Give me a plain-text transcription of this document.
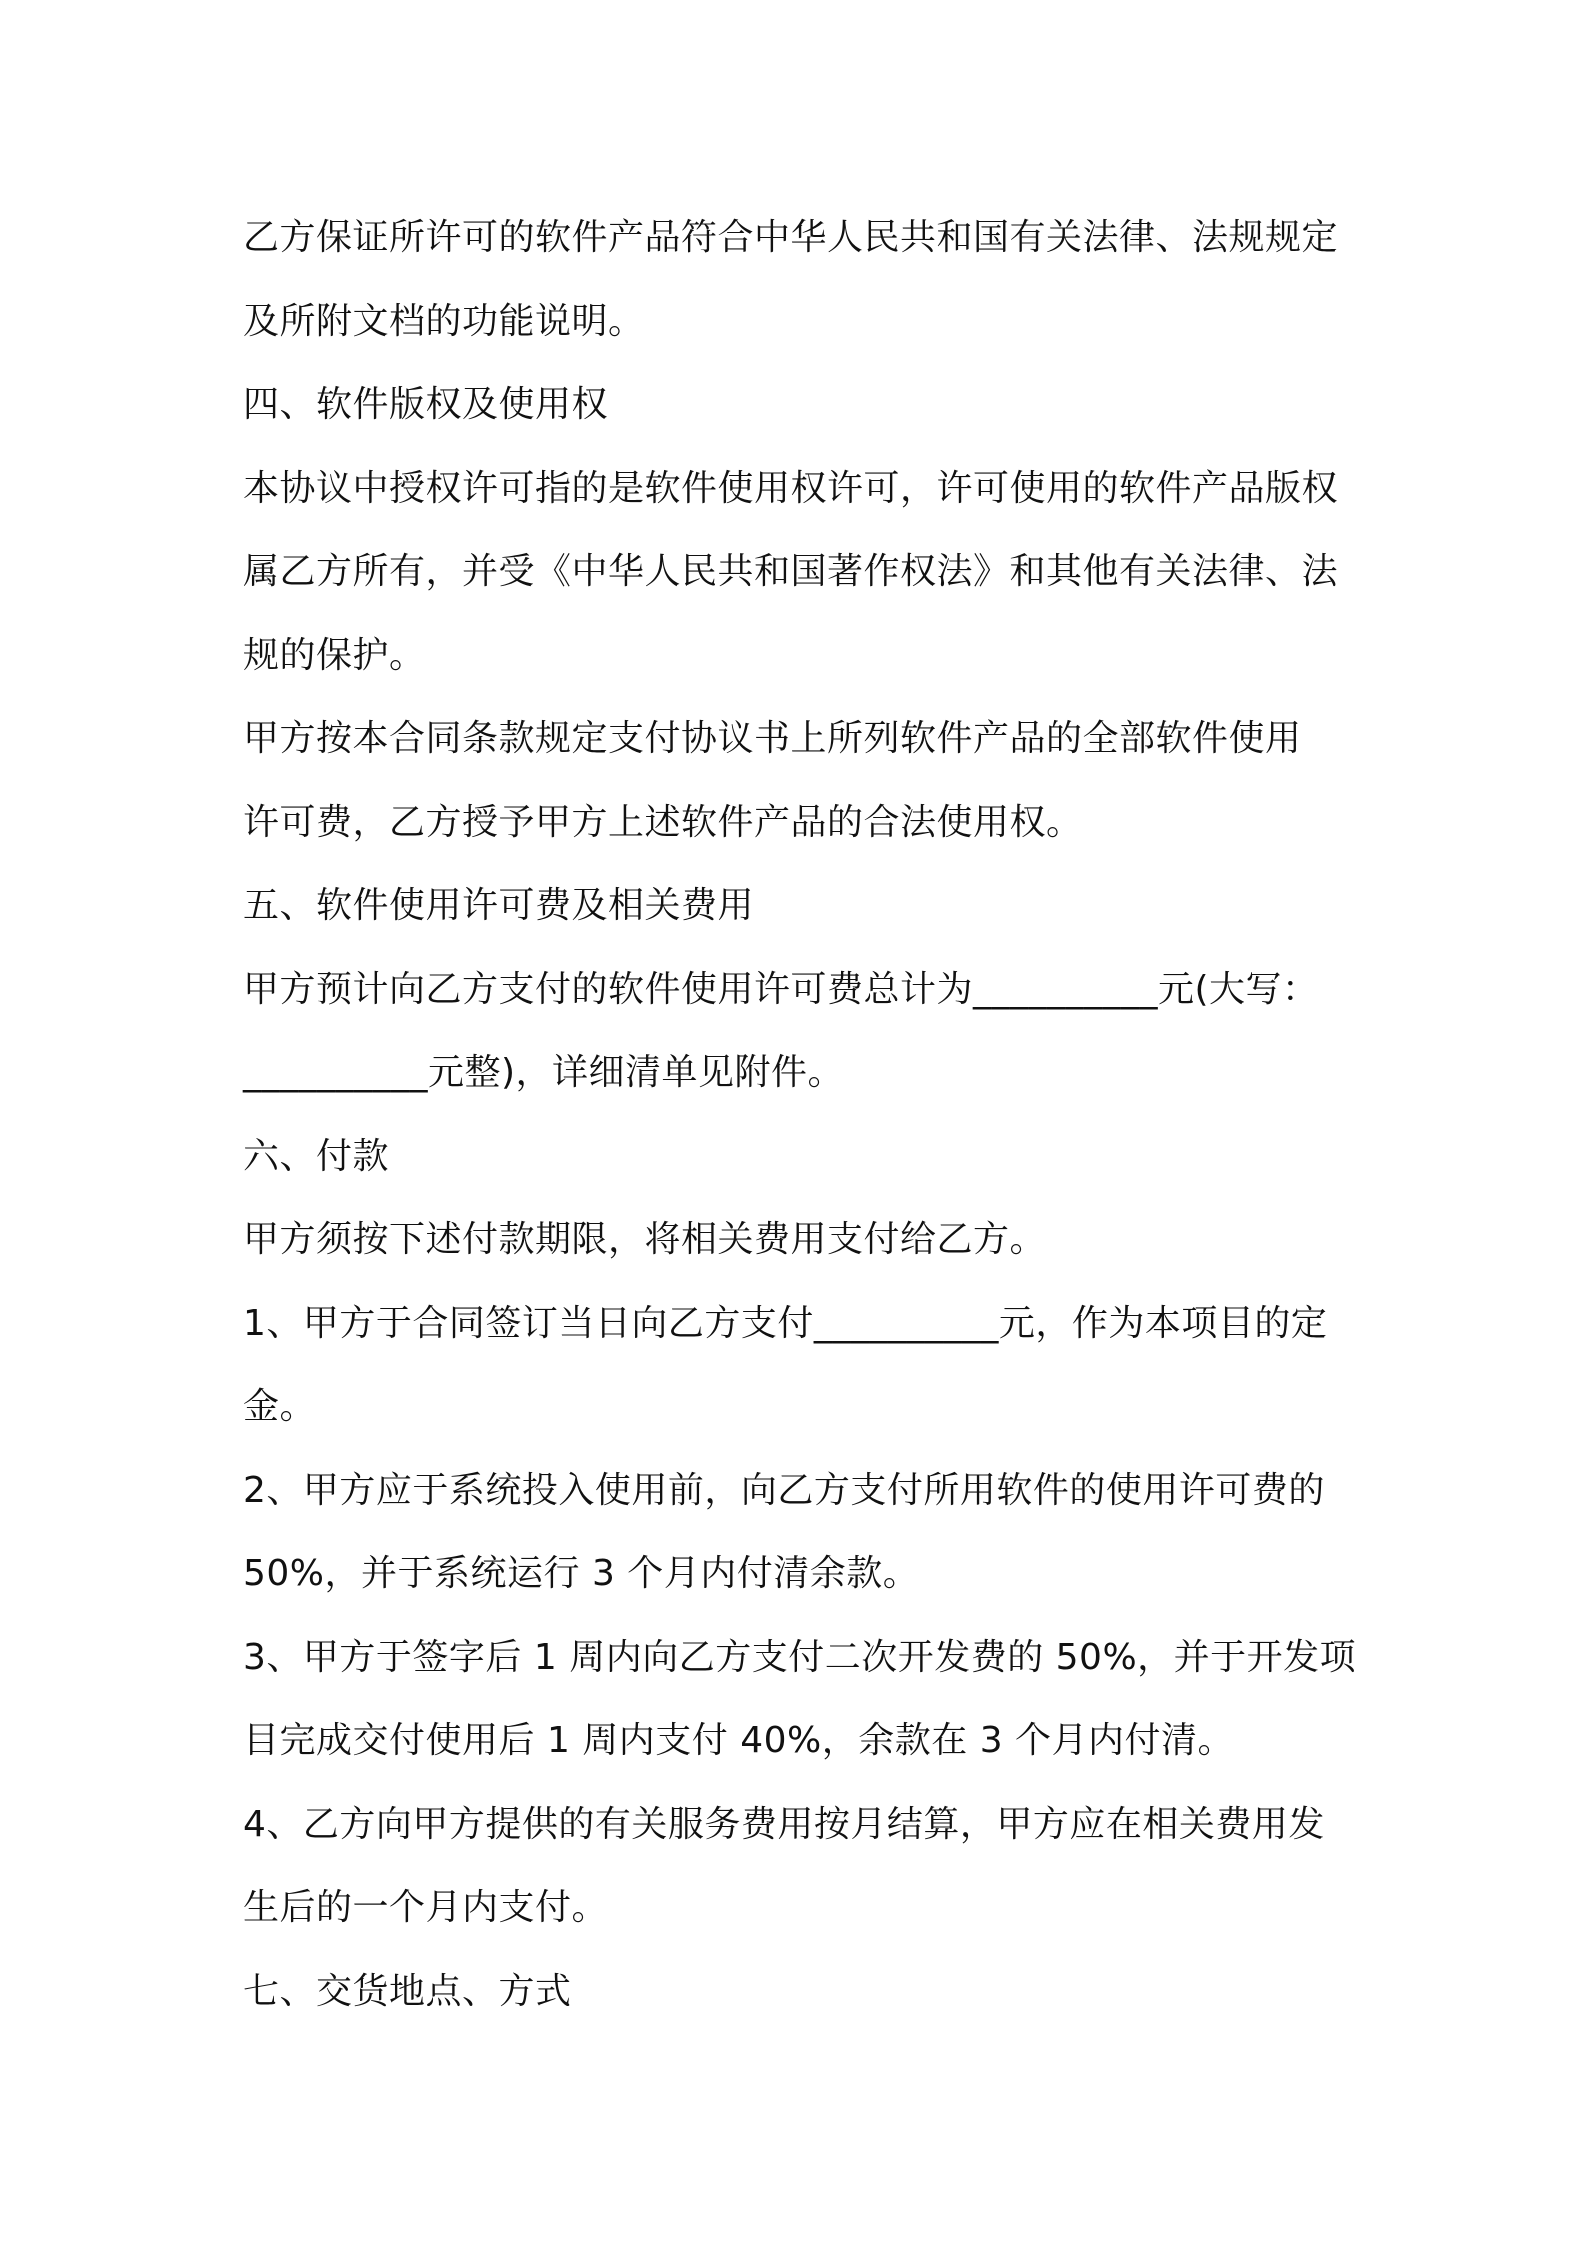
乙方保证所许可的软件产品符合中华人民共和国有关法律、法规规定
及所附文档的功能说明。
四、软件版权及使用权
本协议中授权许可指的是软件使用权许可，许可使用的软件产品版权
属乙方所有，并受《中华人民共和国著作权法》和其他有关法律、法
规的保护。
甲方按本合同条款规定支付协议书上所列软件产品的全部软件使用
许可费，乙方授予甲方上述软件产品的合法使用权。
五、软件使用许可费及相关费用
甲方预计向乙方支付的软件使用许可费总计为__________元(大写：
__________元整)，详细清单见附件。
六、付款
甲方须按下述付款期限，将相关费用支付给乙方。
1、甲方于合同签订当日向乙方支付__________元，作为本项目的定
金。
2、甲方应于系统投入使用前，向乙方支付所用软件的使用许可费的
50%，并于系统运行 3 个月内付清余款。
3、甲方于签字后 1 周内向乙方支付二次开发费的 50%，并于开发项
目完成交付使用后 1 周内支付 40%，余款在 3 个月内付清。
4、乙方向甲方提供的有关服务费用按月结算，甲方应在相关费用发
生后的一个月内支付。
七、交货地点、方式
